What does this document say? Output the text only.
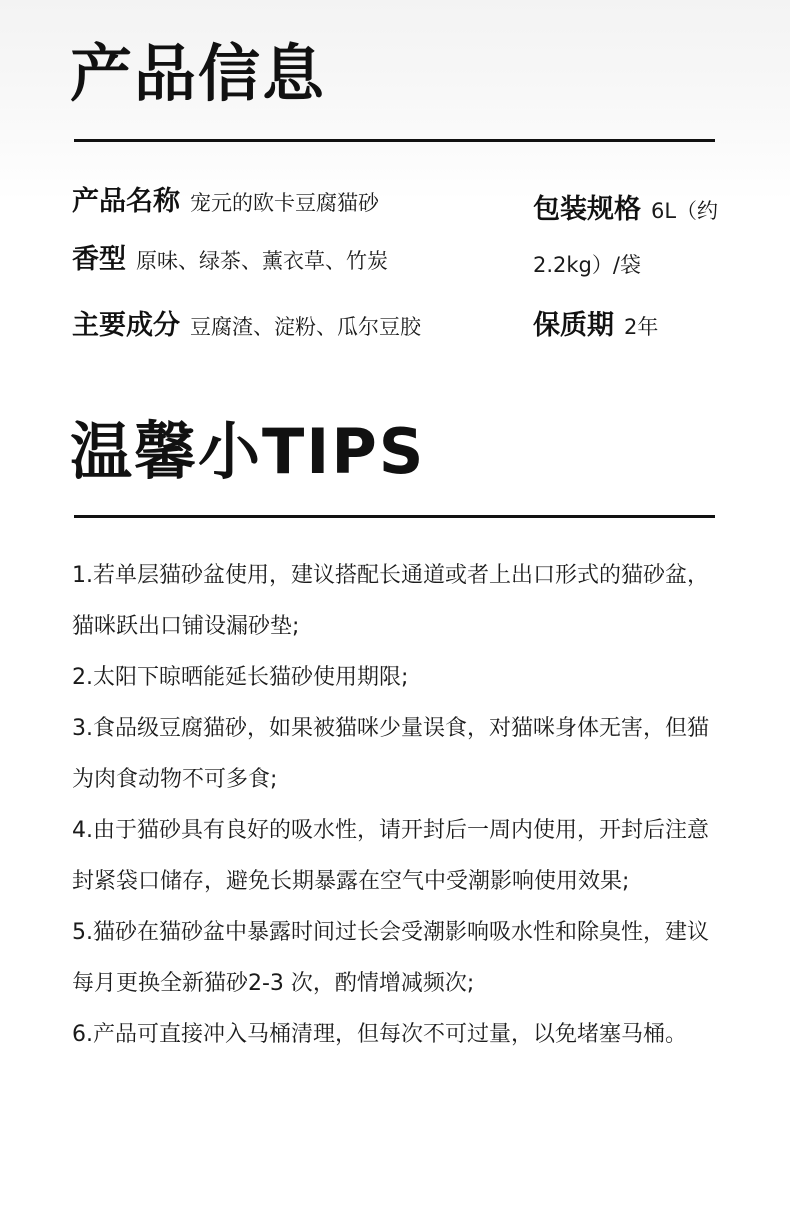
产品信息
产品名称 宠元的欧卡豆腐猫砂
香型 原味、绿茶、薰衣草、竹炭
主要成分 豆腐渣、淀粉、瓜尔豆胶
包装规格 6L（约2.2kg）/袋
保质期 2年
温馨小TIPS
1.若单层猫砂盆使用，建议搭配长通道或者上出口形式的猫砂盆，猫咪跃出口铺设漏砂垫;
2.太阳下晾晒能延长猫砂使用期限;
3.食品级豆腐猫砂，如果被猫咪少量误食，对猫咪身体无害，但猫为肉食动物不可多食;
4.由于猫砂具有良好的吸水性，请开封后一周内使用，开封后注意封紧袋口储存，避免长期暴露在空气中受潮影响使用效果;
5.猫砂在猫砂盆中暴露时间过长会受潮影响吸水性和除臭性，建议每月更换全新猫砂2-3 次，酌情增减频次;
6.产品可直接冲入马桶清理，但每次不可过量，以免堵塞马桶。
